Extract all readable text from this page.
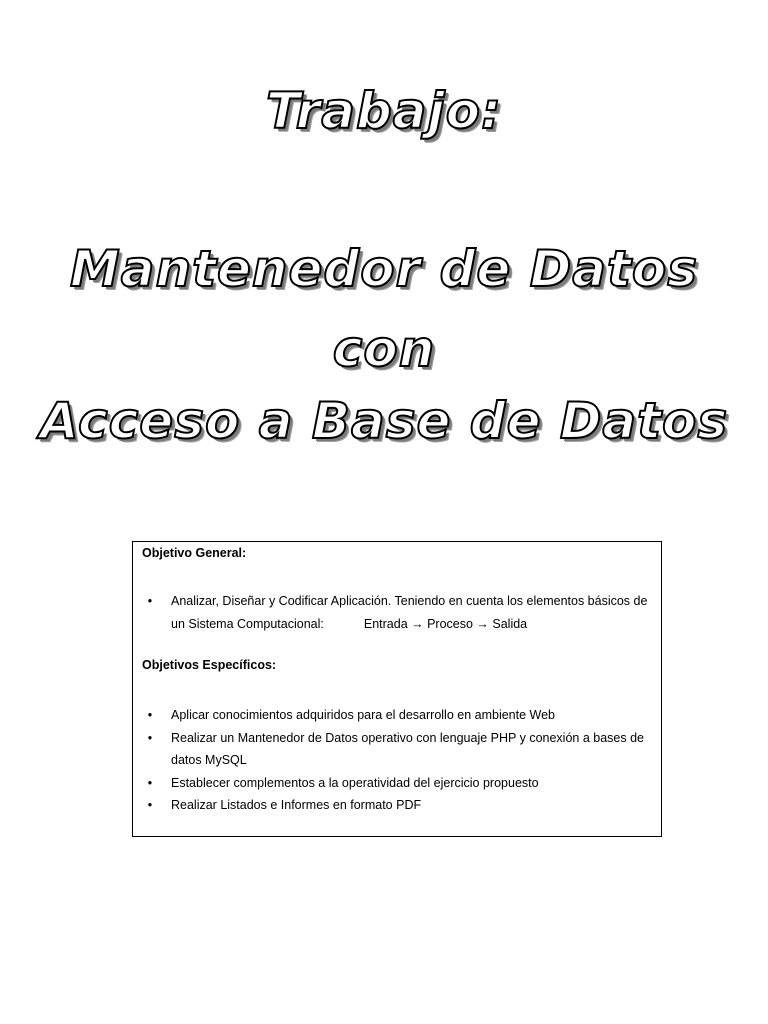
Trabajo:
Mantenedor de Datos
con
Acceso a Base de Datos

Objetivo General:

• Analizar, Diseñar y Codificar Aplicación. Teniendo en cuenta los elementos básicos de un Sistema Computacional:	Entrada → Proceso → Salida

Objetivos Específicos:

• Aplicar conocimientos adquiridos para el desarrollo en ambiente Web
• Realizar un Mantenedor de Datos operativo con lenguaje PHP y conexión a bases de datos MySQL
• Establecer complementos a la operatividad del ejercicio propuesto
• Realizar Listados e Informes en formato PDF
